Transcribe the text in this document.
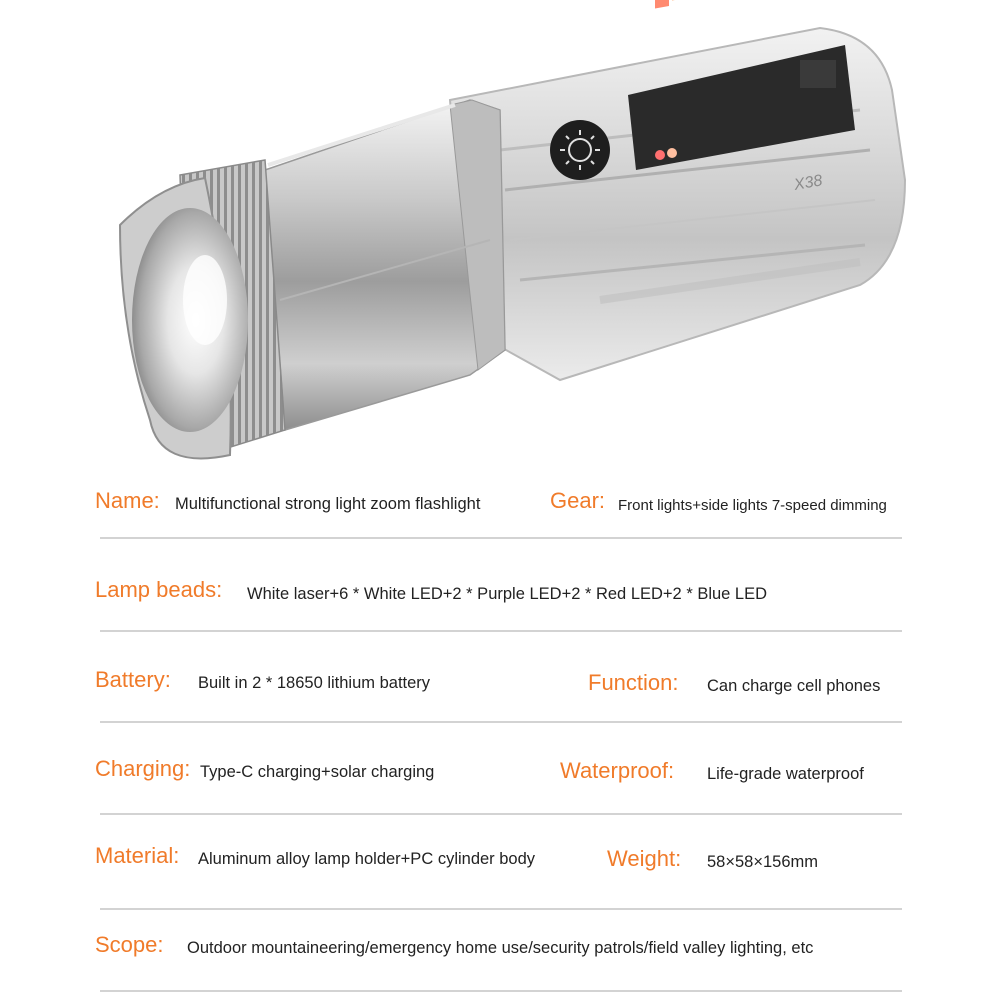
X38
Name: Multifunctional strong light zoom flashlight	Gear: Front lights+side lights 7-speed dimming
Lamp beads: White laser+6 * White LED+2 * Purple LED+2 * Red LED+2 * Blue LED
Battery: Built in 2 * 18650 lithium battery	Function: Can charge cell phones
Charging: Type-C charging+solar charging	Waterproof: Life-grade waterproof
Material: Aluminum alloy lamp holder+PC cylinder body	Weight: 58×58×156mm
Scope: Outdoor mountaineering/emergency home use/security patrols/field valley lighting, etc
